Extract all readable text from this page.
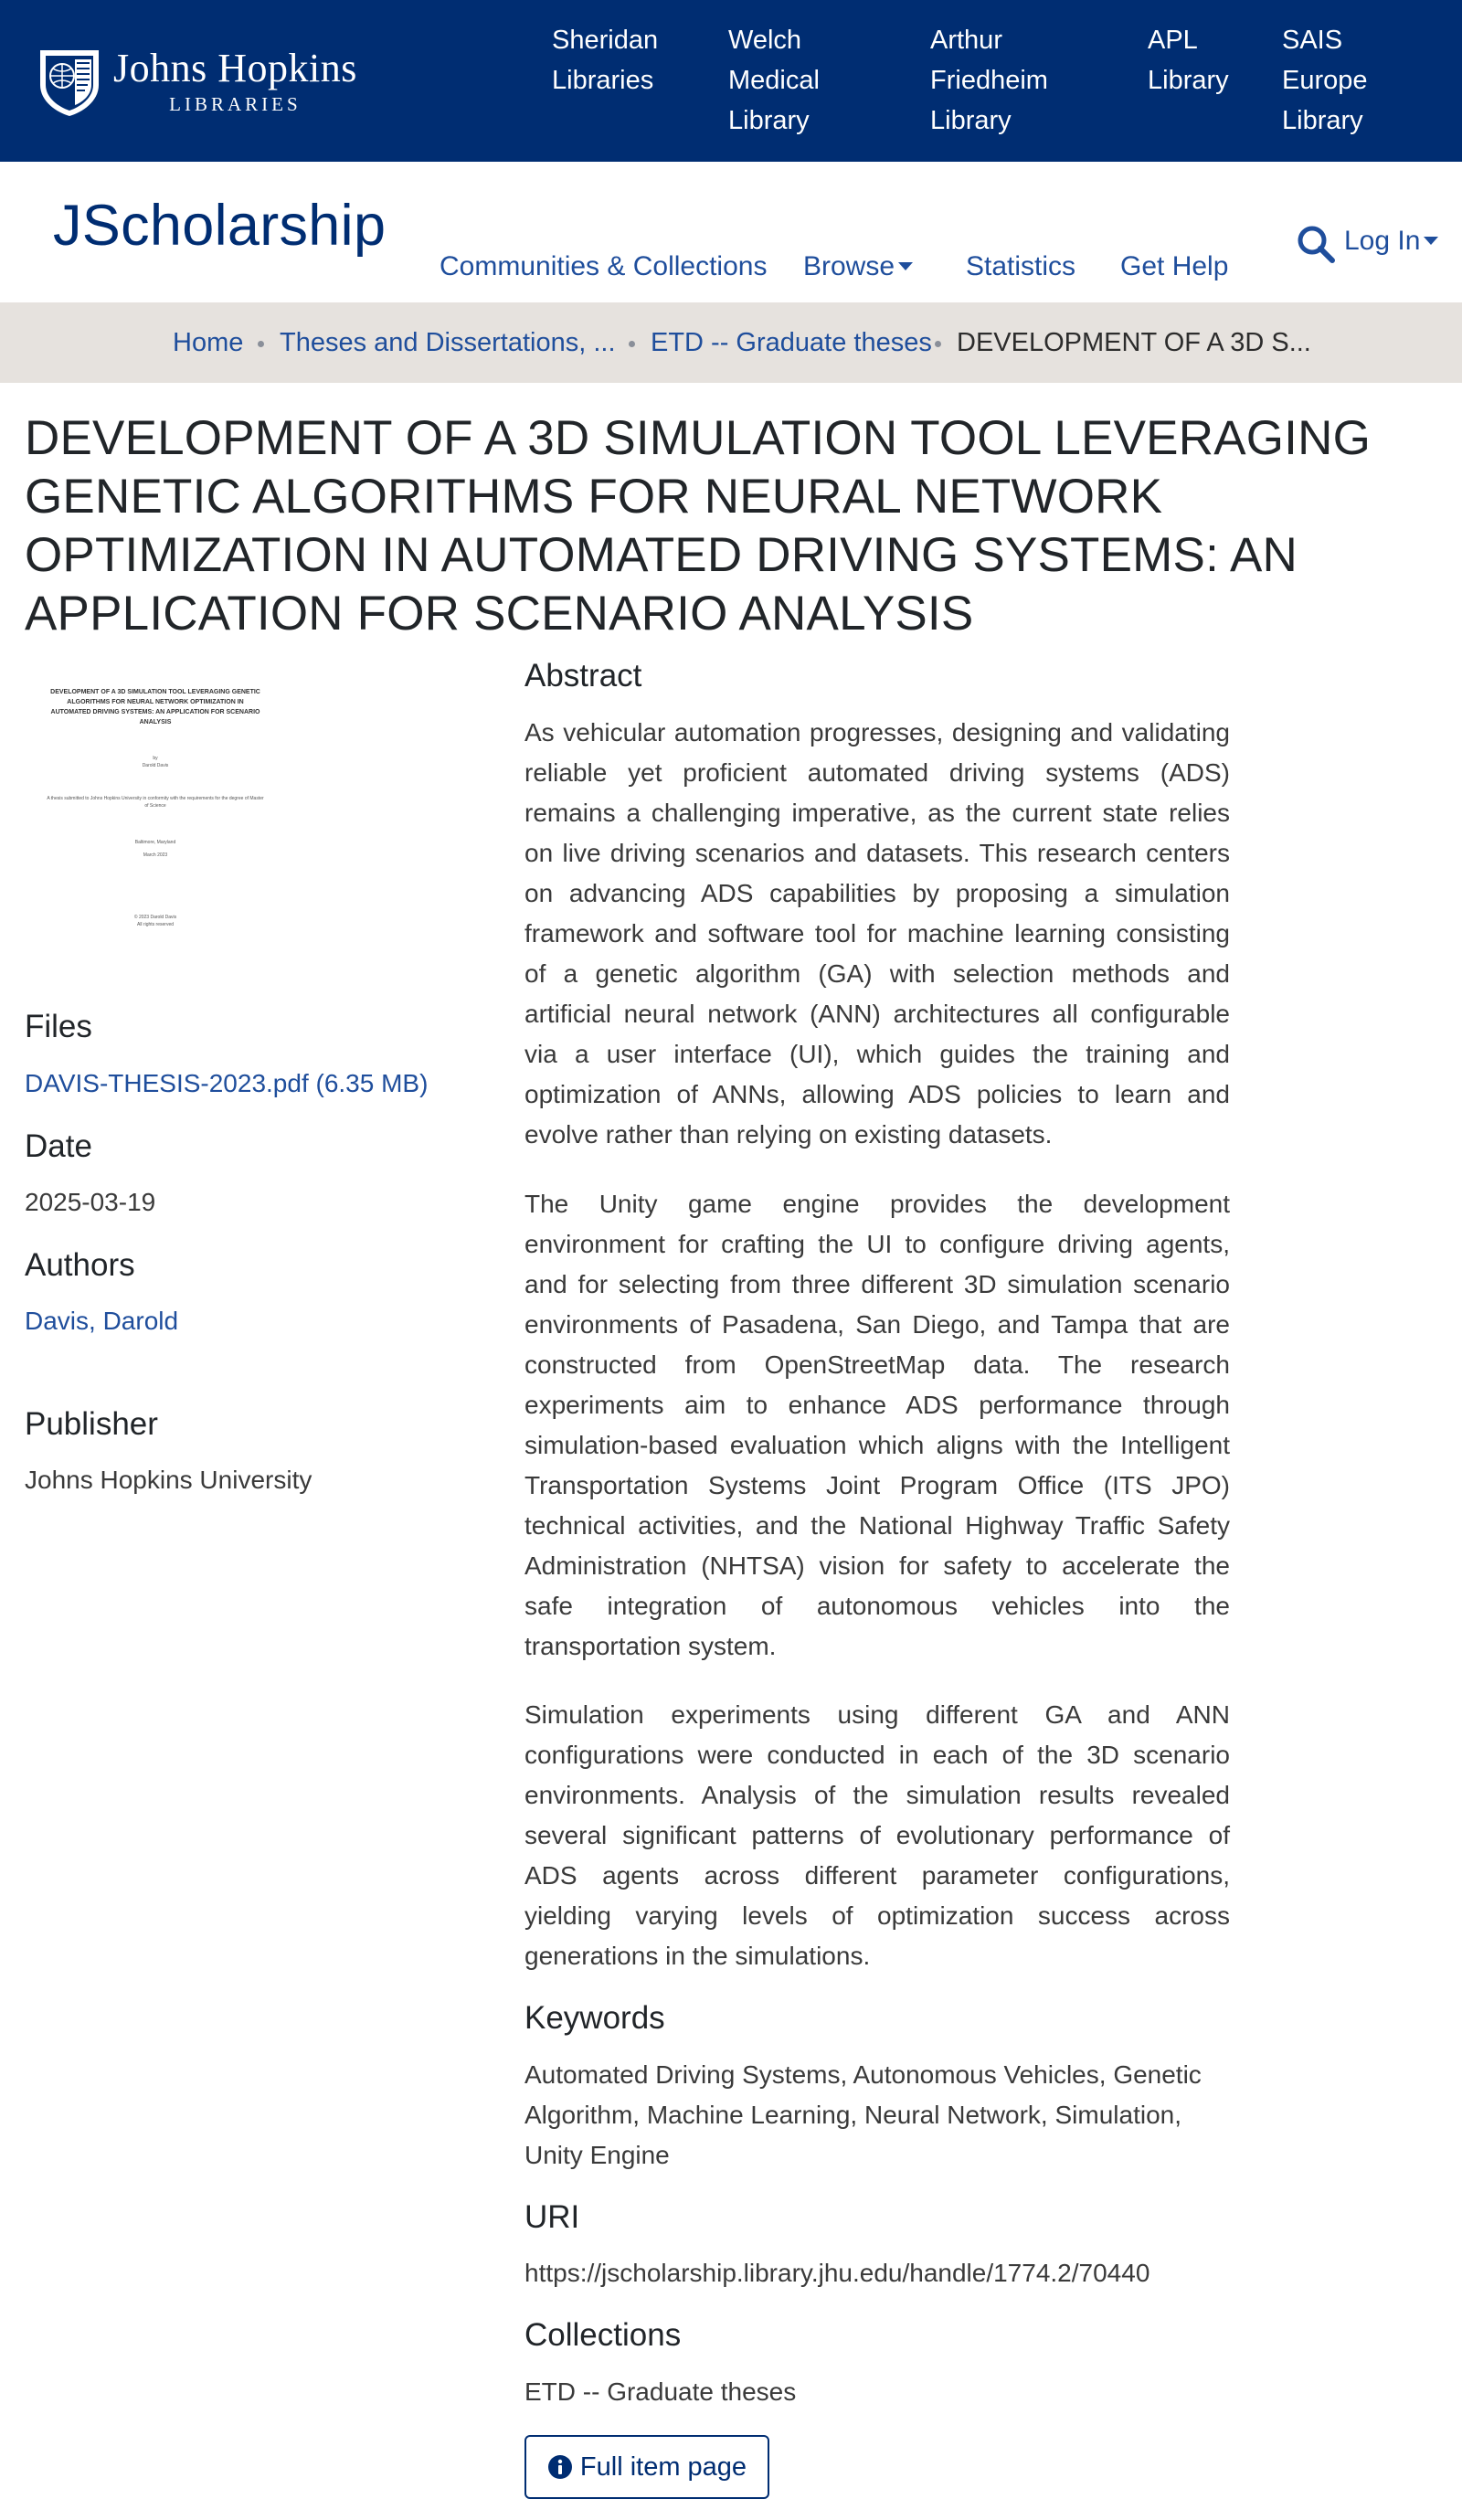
Johns Hopkins
LIBRARIES
Sheridan
Libraries
Welch
Medical
Library
Arthur
Friedheim
Library
APL
Library
SAIS
Europe
Library
JScholarship
Communities & Collections Browse	Statistics Get Help
Log In
Home Theses and Dissertations, ... ETD -- Graduate theses DEVELOPMENT OF A 3D S...
DEVELOPMENT OF A 3D SIMULATION TOOL LEVERAGING GENETIC ALGORITHMS FOR NEURAL NETWORK OPTIMIZATION IN AUTOMATED DRIVING SYSTEMS: AN APPLICATION FOR SCENARIO ANALYSIS
DEVELOPMENT OF A 3D SIMULATION TOOL LEVERAGING GENETIC ALGORITHMS FOR NEURAL NETWORK OPTIMIZATION IN AUTOMATED DRIVING SYSTEMS: AN APPLICATION FOR SCENARIO ANALYSIS
by
Darold Davis
A thesis submitted to Johns Hopkins University in conformity with the requirements for the degree of Master of Science
Baltimore, Maryland
March 2023
© 2023 Darold Davis
All rights reserved
Files
DAVIS-THESIS-2023.pdf (6.35 MB)
Date
2025-03-19
Authors
Davis, Darold
Publisher
Johns Hopkins University
Abstract

As vehicular automation progresses, designing and validating reliable yet proficient automated driving systems (ADS) remains a challenging imperative, as the current state relies on live driving scenarios and datasets. This research centers on advancing ADS capabilities by proposing a simulation framework and software tool for machine learning consisting of a genetic algorithm (GA) with selection methods and artificial neural network (ANN) architectures all configurable via a user interface (UI), which guides the training and optimization of ANNs, allowing ADS policies to learn and evolve rather than relying on existing datasets.

The Unity game engine provides the development environment for crafting the UI to configure driving agents, and for selecting from three different 3D simulation scenario environments of Pasadena, San Diego, and Tampa that are constructed from OpenStreetMap data. The research experiments aim to enhance ADS performance through simulation-based evaluation which aligns with the Intelligent Transportation Systems Joint Program Office (ITS JPO) technical activities, and the National Highway Traffic Safety Administration (NHTSA) vision for safety to accelerate the safe integration of autonomous vehicles into the transportation system.

Simulation experiments using different GA and ANN configurations were conducted in each of the 3D scenario environments. Analysis of the simulation results revealed several significant patterns of evolutionary performance of ADS agents across different parameter configurations, yielding varying levels of optimization success across generations in the simulations.

Keywords

Automated Driving Systems, Autonomous Vehicles, Genetic Algorithm, Machine Learning, Neural Network, Simulation, Unity Engine

URI
https://jscholarship.library.jhu.edu/handle/1774.2/70440
Collections
ETD -- Graduate theses
Full item page
